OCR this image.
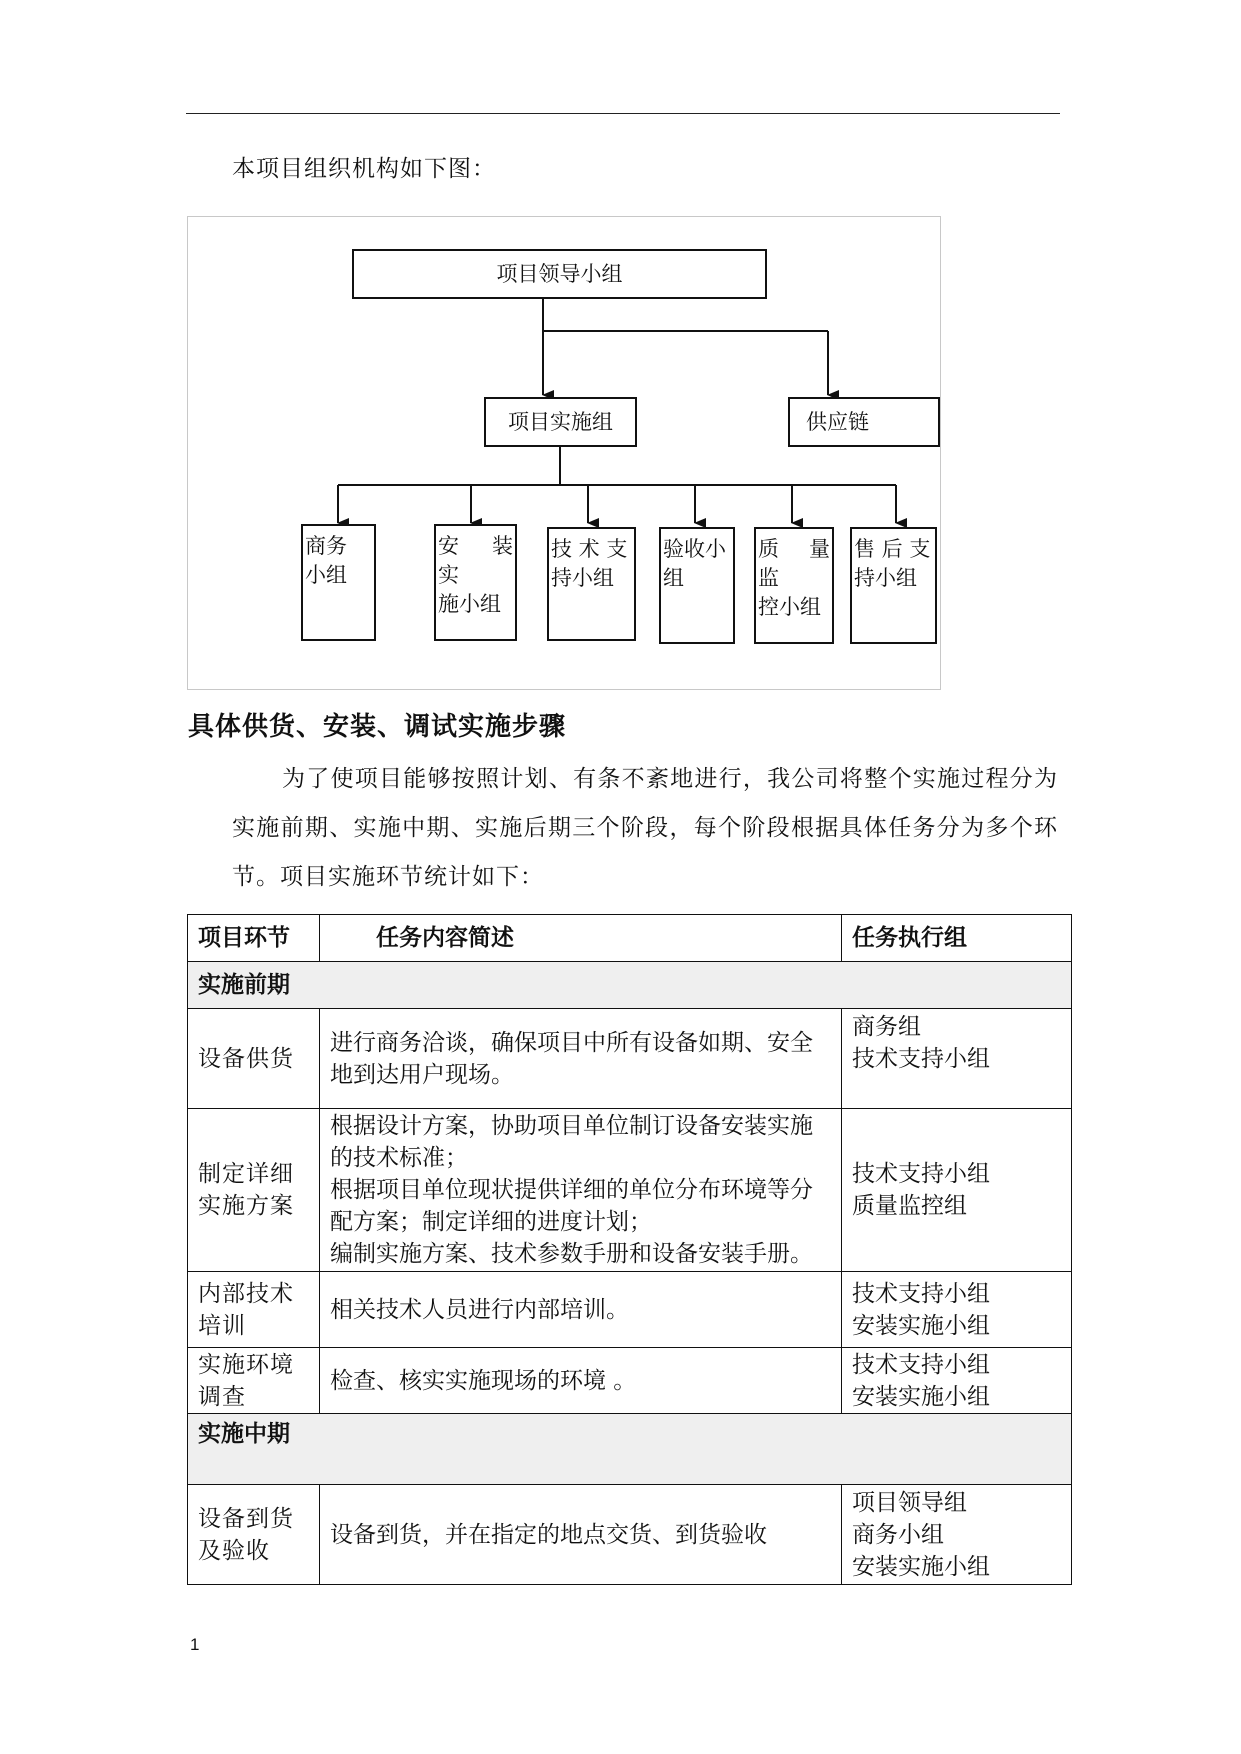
本项目组织机构如下图：
项目领导小组
项目实施组	供应链
商务
小组
安 装 实
施小组
技 术 支
持小组
验收小
组
质 量 监
控小组
售 后 支
持小组
具体供货、安装、调试实施步骤
为了使项目能够按照计划、有条不紊地进行，我公司将整个实施过程分为实施前期、实施中期、实施后期三个阶段，每个阶段根据具体任务分为多个环节。项目实施环节统计如下：
项目环节	任务内容简述	任务执行组
实施前期		
设备供货	进行商务洽谈，确保项目中所有设备如期、安全地到达用户现场。	商务组
技术支持小组

制定详细实施方案	根据设计方案，协助项目单位制订设备安装实施的技术标准；
根据项目单位现状提供详细的单位分布环境等分配方案；制定详细的进度计划；
编制实施方案、技术参数手册和设备安装手册。	技术支持小组
质量监控组

内部技术培训	相关技术人员进行内部培训。	技术支持小组
安装实施小组

实施环境调查	检查、核实实施现场的环境 。	技术支持小组
安装实施小组

实施中期		
设备到货及验收	设备到货，并在指定的地点交货、到货验收	项目领导组
商务小组
安装实施小组
1
